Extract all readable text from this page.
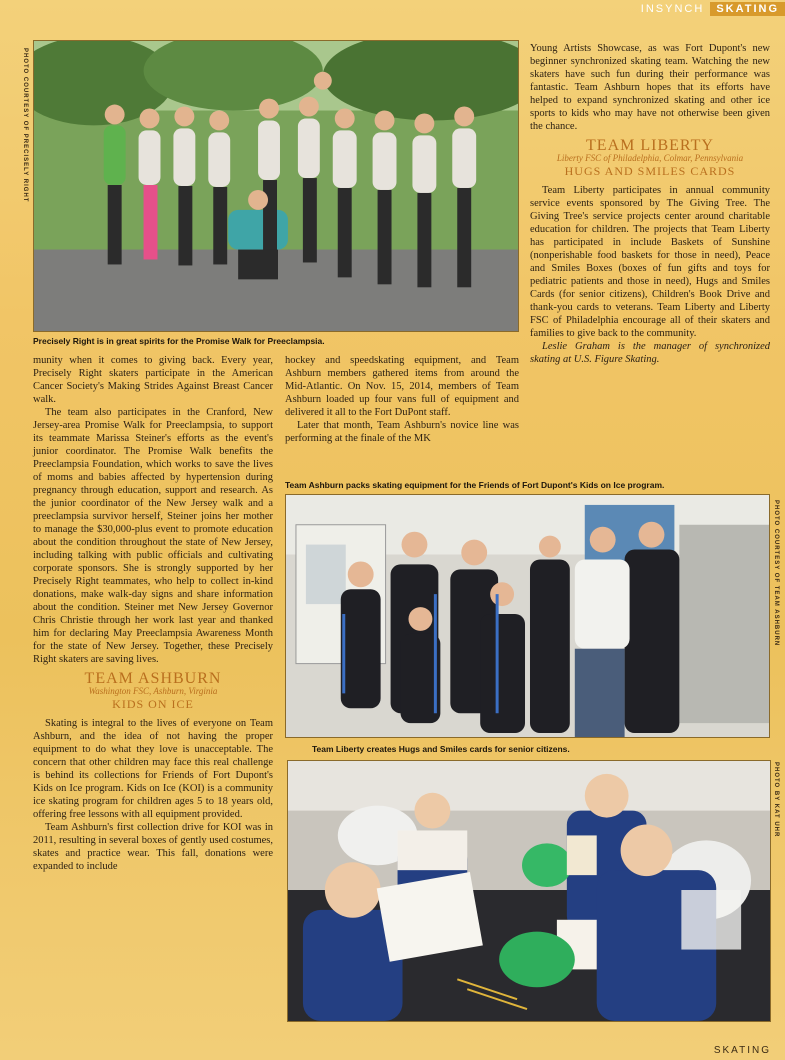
INSYNCH	SKATING
PHOTO COURTESY OF PRECISELY RIGHT
Precisely Right is in great spirits for the Promise Walk for Preeclampsia.

munity when it comes to giving back. Every year, Precisely Right skaters participate in the American Cancer Society's Making Strides Against Breast Cancer walk.

The team also participates in the Cranford, New Jersey-area Promise Walk for Preeclampsia, to support its teammate Marissa Steiner's efforts as the event's junior coordinator. The Promise Walk benefits the Preeclampsia Foundation, which works to save the lives of moms and babies affected by hypertension during pregnancy through education, support and research. As the junior coordinator of the New Jersey walk and a preeclampsia survivor herself, Steiner joins her mother to manage the $30,000-plus event to promote education about the condition throughout the state of New Jersey, including talking with public officials and cultivating corporate sponsors. She is strongly supported by her Precisely Right teammates, who help to collect in-kind donations, make walk-day signs and share information about the condition. Steiner met New Jersey Governor Chris Christie through her work last year and thanked him for declaring May Preeclampsia Awareness Month for the state of New Jersey. Together, these Precisely Right skaters are saving lives.

TEAM ASHBURN
Washington FSC, Ashburn, Virginia
KIDS ON ICE

Skating is integral to the lives of everyone on Team Ashburn, and the idea of not having the proper equipment to do what they love is unacceptable. The concern that other children may face this real challenge is behind its collections for Friends of Fort Dupont's Kids on Ice program. Kids on Ice (KOI) is a community ice skating program for children ages 5 to 18 years old, offering free lessons with all equipment provided.

Team Ashburn's first collection drive for KOI was in 2011, resulting in several boxes of gently used costumes, skates and practice wear. This fall, donations were expanded to include

hockey and speedskating equipment, and Team Ashburn members gathered items from around the Mid-Atlantic. On Nov. 15, 2014, members of Team Ashburn loaded up four vans full of equipment and delivered it all to the Fort DuPont staff.

Later that month, Team Ashburn's novice line was performing at the finale of the MK

Young Artists Showcase, as was Fort Dupont's new beginner synchronized skating team. Watching the new skaters have such fun during their performance was fantastic. Team Ashburn hopes that its efforts have helped to expand synchronized skating and other ice sports to kids who may have not otherwise been given the chance.

TEAM LIBERTY
Liberty FSC of Philadelphia, Colmar, Pennsylvania
HUGS AND SMILES CARDS

Team Liberty participates in annual community service events sponsored by The Giving Tree. The Giving Tree's service projects center around charitable education for children. The projects that Team Liberty has participated in include Baskets of Sunshine (nonperishable food baskets for those in need), Peace and Smiles Boxes (boxes of fun gifts and toys for pediatric patients and those in need), Hugs and Smiles Cards (for senior citizens), Children's Book Drive and thank-you cards to veterans. Team Liberty and Liberty FSC of Philadelphia encourage all of their skaters and families to give back to the community.

Leslie Graham is the manager of synchronized skating at U.S. Figure Skating.

Team Ashburn packs skating equipment for the Friends of Fort Dupont's Kids on Ice program.
PHOTO COURTESY OF TEAM ASHBURN
Team Liberty creates Hugs and Smiles cards for senior citizens.
PHOTO BY KAT UHR
SKATING
